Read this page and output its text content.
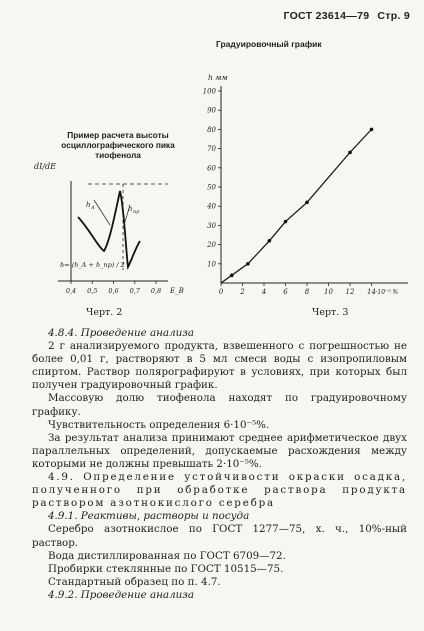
ГОСТ 23614—79 Стр. 9
Градуировочный график
Пример расчета высоты
осциллографического пика
тиофенола
dI/dE
h A	h пр
h= (h_A + h_пр) / 2
0,4 0,5 0,6 0,7 0,8 E_B
Черт. 2
h мм
10
20
30
40
50
60
70
80
90
100
0 2 4 6 8 10 12 14 ·10⁻⁵ %
Черт. 3

4.8.4. Проведение анализа

2 г анализируемого продукта, взвешенного с погрешностью не более 0,01 г, растворяют в 5 мл смеси воды с изопропиловым спиртом. Раствор полярографируют в условиях, при которых был получен градуировочный график.

Массовую долю тиофенола находят по градуировочному графику.

Чувствительность определения 6·10⁻⁵%.

За результат анализа принимают среднее арифметическое двух параллельных определений, допускаемые расхождения между которыми не должны превышать 2·10⁻⁵%.

4.9. Определение устойчивости окраски осадка, полученного при обработке раствора продукта раствором азотнокислого серебра

4.9.1. Реактивы, растворы и посуда

Серебро азотнокислое по ГОСТ 1277—75, х. ч., 10%-ный раствор.

Вода дистиллированная по ГОСТ 6709—72.

Пробирки стеклянные по ГОСТ 10515—75.

Стандартный образец по п. 4.7.

4.9.2. Проведение анализа
